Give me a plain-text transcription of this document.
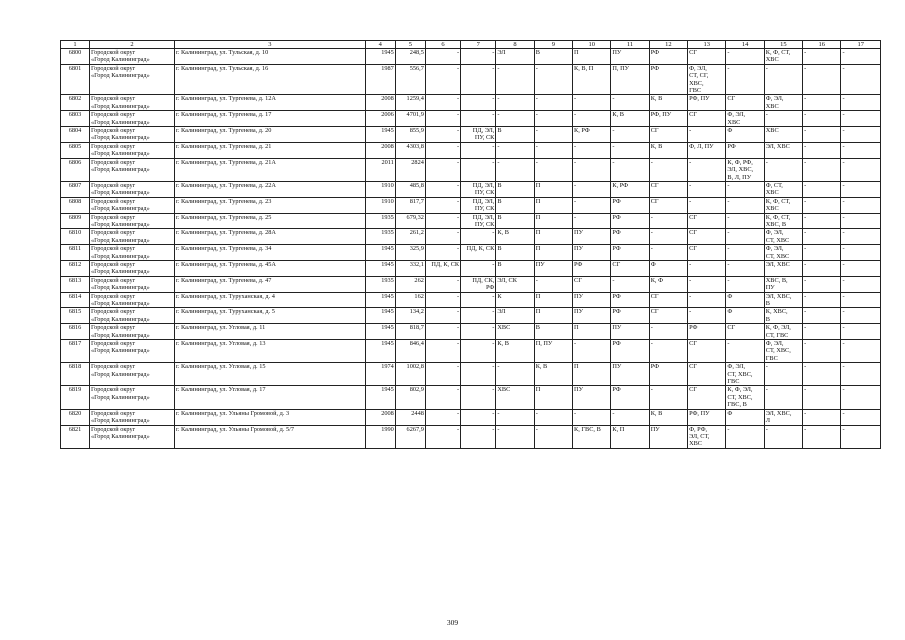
1	2	3	4	5	6	7	8	9	10	11	12	13	14	15	16	17
6800	Городской округ
«Город Калининград»	г. Калининград, ул. Тульская, д. 10	1945	248,5	-	-	ЭЛ	В	П	ПУ	РФ	СГ	-	К, Ф, СТ,
ХВС	-	-
6801	Городской округ
«Город Калининград»	г. Калининград, ул. Тульская, д. 16	1987	556,7	-	-	-	-	К, В, П	П, ПУ	РФ	Ф, ЭЛ,
СТ, СГ,
ХВС,
ГВС	-	-	-	-
6802	Городской округ
«Город Калининград»	г. Калининград, ул. Тургенева, д. 12А	2008	1259,4	-	-	-	-	-	-	К, В	РФ, ПУ	СГ	Ф, ЭЛ,
ХВС	-	-
6803	Городской округ
«Город Калининград»	г. Калининград, ул. Тургенева, д. 17	2006	4701,9	-	-	-	-	-	К, В	РФ, ПУ	СГ	Ф, ЭЛ,
ХВС	-	-	-
6804	Городской округ
«Город Калининград»	г. Калининград, ул. Тургенева, д. 20	1945	855,9	-	ПД, ЭЛ,
ПУ, СК	В	-	К, РФ	-	СГ	-	Ф	ХВС	-	-
6805	Городской округ
«Город Калининград»	г. Калининград, ул. Тургенева, д. 21	2008	4303,8	-	-	-	-	-	-	К, В	Ф, Л, ПУ	РФ	ЭЛ, ХВС	-	-
6806	Городской округ
«Город Калининград»	г. Калининград, ул. Тургенева, д. 21А	2011	2824	-	-	-	-	-	-	-	-	К, Ф, РФ,
ЭЛ, ХВС,
В, Л, ПУ	-	-	-
6807	Городской округ
«Город Калининград»	г. Калининград, ул. Тургенева, д. 22А	1910	485,8	-	ПД, ЭЛ,
ПУ, СК	В	П	-	К, РФ	СГ	-	-	Ф, СТ,
ХВС	-	-
6808	Городской округ
«Город Калининград»	г. Калининград, ул. Тургенева, д. 23	1910	817,7	-	ПД, ЭЛ,
ПУ, СК	В	П	-	РФ	СГ	-	-	К, Ф, СТ,
ХВС	-	-
6809	Городской округ
«Город Калининград»	г. Калининград, ул. Тургенева, д. 25	1935	679,32	-	ПД, ЭЛ,
ПУ, СК	В	П	-	РФ	-	СГ	-	К, Ф, СТ,
ХВС, В	-	-
6810	Городской округ
«Город Калининград»	г. Калининград, ул. Тургенева, д. 28А	1935	261,2	-	-	К, В	П	ПУ	РФ	-	СГ	-	Ф, ЭЛ,
СТ, ХВС	-	-
6811	Городской округ
«Город Калининград»	г. Калининград, ул. Тургенева, д. 34	1945	325,9	-	ПД, К, СК	В	П	ПУ	РФ	-	СГ	-	Ф, ЭЛ,
СТ, ХВС	-	-
6812	Городской округ
«Город Калининград»	г. Калининград, ул. Тургенева, д. 45А	1945	332,1	ПД, К, СК	-	В	ПУ	РФ	СГ	Ф	-	-	ЭЛ, ХВС	-	-
6813	Городской округ
«Город Калининград»	г. Калининград, ул. Тургенева, д. 47	1935	262	-	ПД, СК,
РФ	ЭЛ, СК	-	СГ	-	К, Ф	-	-	ХВС, В,
ПУ	-	-
6814	Городской округ
«Город Калининград»	г. Калининград, ул. Туруханская, д. 4	1945	162	-	-	К	П	ПУ	РФ	СГ	-	Ф	ЭЛ, ХВС,
В	-	-
6815	Городской округ
«Город Калининград»	г. Калининград, ул. Туруханская, д. 5	1945	134,2	-	-	ЭЛ	П	ПУ	РФ	СГ	-	Ф	К, ХВС,
В	-	-
6816	Городской округ
«Город Калининград»	г. Калининград, ул. Угловая, д. 11	1945	818,7	-	-	ХВС	В	П	ПУ	-	РФ	СГ	К, Ф, ЭЛ,
СТ, ГВС	-	-
6817	Городской округ
«Город Калининград»	г. Калининград, ул. Угловая, д. 13	1945	846,4	-	-	К, В	П, ПУ	-	РФ	-	СГ	-	Ф, ЭЛ,
СТ, ХВС,
ГВС	-	-
6818	Городской округ
«Город Калининград»	г. Калининград, ул. Угловая, д. 15	1974	1002,8	-	-	-	К, В	П	ПУ	РФ	СГ	Ф, ЭЛ,
СТ, ХВС,
ГВС	-	-	-
6819	Городской округ
«Город Калининград»	г. Калининград, ул. Угловая, д. 17	1945	802,9	-	-	ХВС	П	ПУ	РФ	-	СГ	К, Ф, ЭЛ,
СТ, ХВС,
ГВС, В	-	-	-
6820	Городской округ
«Город Калининград»	г. Калининград, ул. Ульяны Громовой, д. 3	2008	2448	-	-	-	-	-	-	К, В	РФ, ПУ	Ф	ЭЛ, ХВС,
Л	-	-
6821	Городской округ
«Город Калининград»	г. Калининград, ул. Ульяны Громовой, д. 5/7	1990	6267,9	-	-	-	-	К, ГВС, В	К, П	ПУ	Ф, РФ,
ЭЛ, СТ,
ХВС	-	-	-	-
309
